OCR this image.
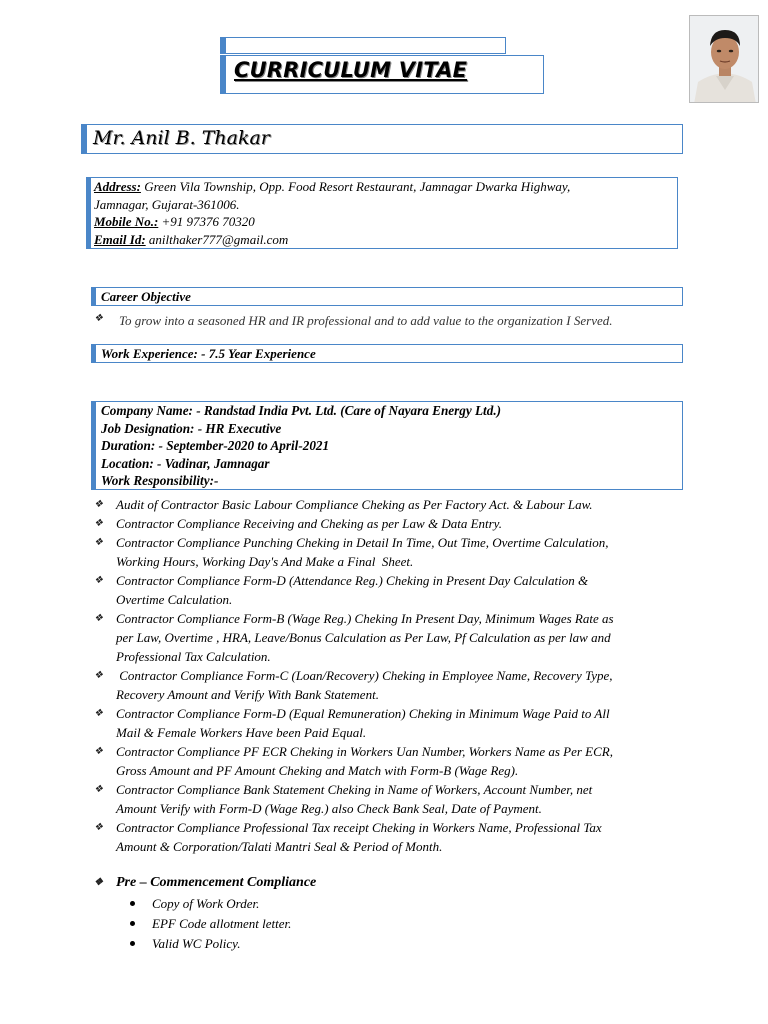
CURRICULUM VITAE
Mr. Anil B. Thakar
Address: Green Vila Township, Opp. Food Resort Restaurant, Jamnagar Dwarka Highway,
Jamnagar, Gujarat-361006.
Mobile No.: +91 97376 70320
Email Id: anilthaker777@gmail.com
Career Objective
❖ To grow into a seasoned HR and IR professional and to add value to the organization I Served.
Work Experience: - 7.5 Year Experience
Company Name: - Randstad India Pvt. Ltd. (Care of Nayara Energy Ltd.)
Job Designation: - HR Executive
Duration: - September-2020 to April-2021
Location: - Vadinar, Jamnagar
Work Responsibility:-
❖ Audit of Contractor Basic Labour Compliance Cheking as Per Factory Act. & Labour Law.
❖ Contractor Compliance Receiving and Cheking as per Law & Data Entry.
❖ Contractor Compliance Punching Cheking in Detail In Time, Out Time, Overtime Calculation,
Working Hours, Working Day's And Make a Final  Sheet.
❖ Contractor Compliance Form-D (Attendance Reg.) Cheking in Present Day Calculation &
Overtime Calculation.
❖ Contractor Compliance Form-B (Wage Reg.) Cheking In Present Day, Minimum Wages Rate as
per Law, Overtime , HRA, Leave/Bonus Calculation as Per Law, Pf Calculation as per law and
Professional Tax Calculation.
❖ Contractor Compliance Form-C (Loan/Recovery) Cheking in Employee Name, Recovery Type,
Recovery Amount and Verify With Bank Statement.
❖ Contractor Compliance Form-D (Equal Remuneration) Cheking in Minimum Wage Paid to All
Mail & Female Workers Have been Paid Equal.
❖ Contractor Compliance PF ECR Cheking in Workers Uan Number, Workers Name as Per ECR,
Gross Amount and PF Amount Cheking and Match with Form-B (Wage Reg).
❖ Contractor Compliance Bank Statement Cheking in Name of Workers, Account Number, net
Amount Verify with Form-D (Wage Reg.) also Check Bank Seal, Date of Payment.
❖ Contractor Compliance Professional Tax receipt Cheking in Workers Name, Professional Tax
Amount & Corporation/Talati Mantri Seal & Period of Month.
❖ Pre – Commencement Compliance
Copy of Work Order.
EPF Code allotment letter.
Valid WC Policy.
